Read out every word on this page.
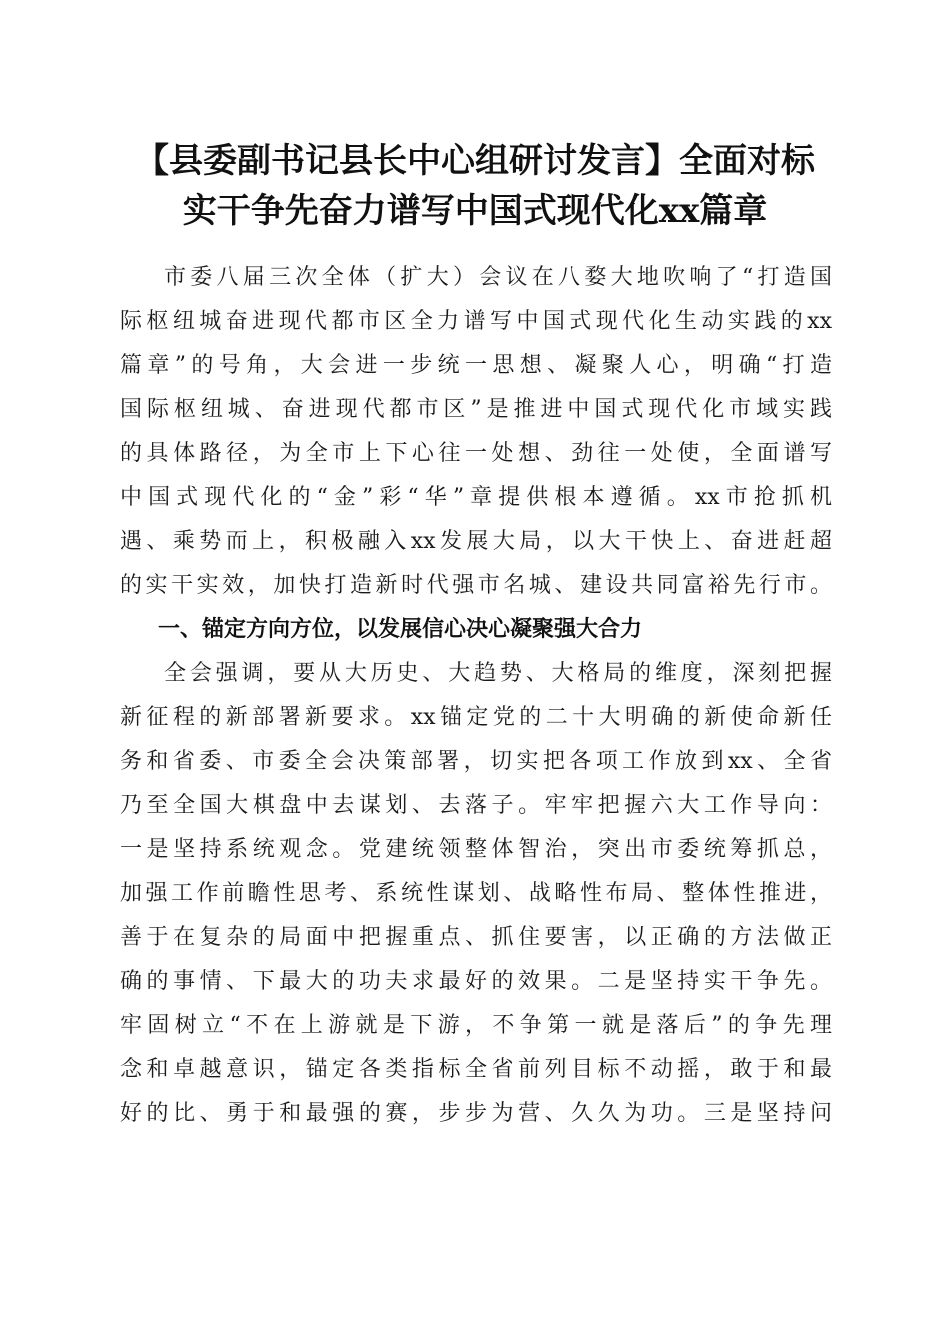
【县委副书记县长中心组研讨发言】全面对标
实干争先奋力谱写中国式现代化xx篇章

市委八届三次全体（扩大）会议在八婺大地吹响了“打造国
际枢纽城奋进现代都市区全力谱写中国式现代化生动实践的xx
篇章”的号角，大会进一步统一思想、凝聚人心，明确“打造
国际枢纽城、奋进现代都市区”是推进中国式现代化市域实践
的具体路径，为全市上下心往一处想、劲往一处使，全面谱写
中国式现代化的“金”彩“华”章提供根本遵循。xx市抢抓机
遇、乘势而上，积极融入xx发展大局，以大干快上、奋进赶超
的实干实效，加快打造新时代强市名城、建设共同富裕先行市。

一、锚定方向方位，以发展信心决心凝聚强大合力

全会强调，要从大历史、大趋势、大格局的维度，深刻把握
新征程的新部署新要求。xx锚定党的二十大明确的新使命新任
务和省委、市委全会决策部署，切实把各项工作放到xx、全省
乃至全国大棋盘中去谋划、去落子。牢牢把握六大工作导向：
一是坚持系统观念。党建统领整体智治，突出市委统筹抓总，
加强工作前瞻性思考、系统性谋划、战略性布局、整体性推进，
善于在复杂的局面中把握重点、抓住要害，以正确的方法做正
确的事情、下最大的功夫求最好的效果。二是坚持实干争先。
牢固树立“不在上游就是下游，不争第一就是落后”的争先理
念和卓越意识，锚定各类指标全省前列目标不动摇，敢于和最
好的比、勇于和最强的赛，步步为营、久久为功。三是坚持问
